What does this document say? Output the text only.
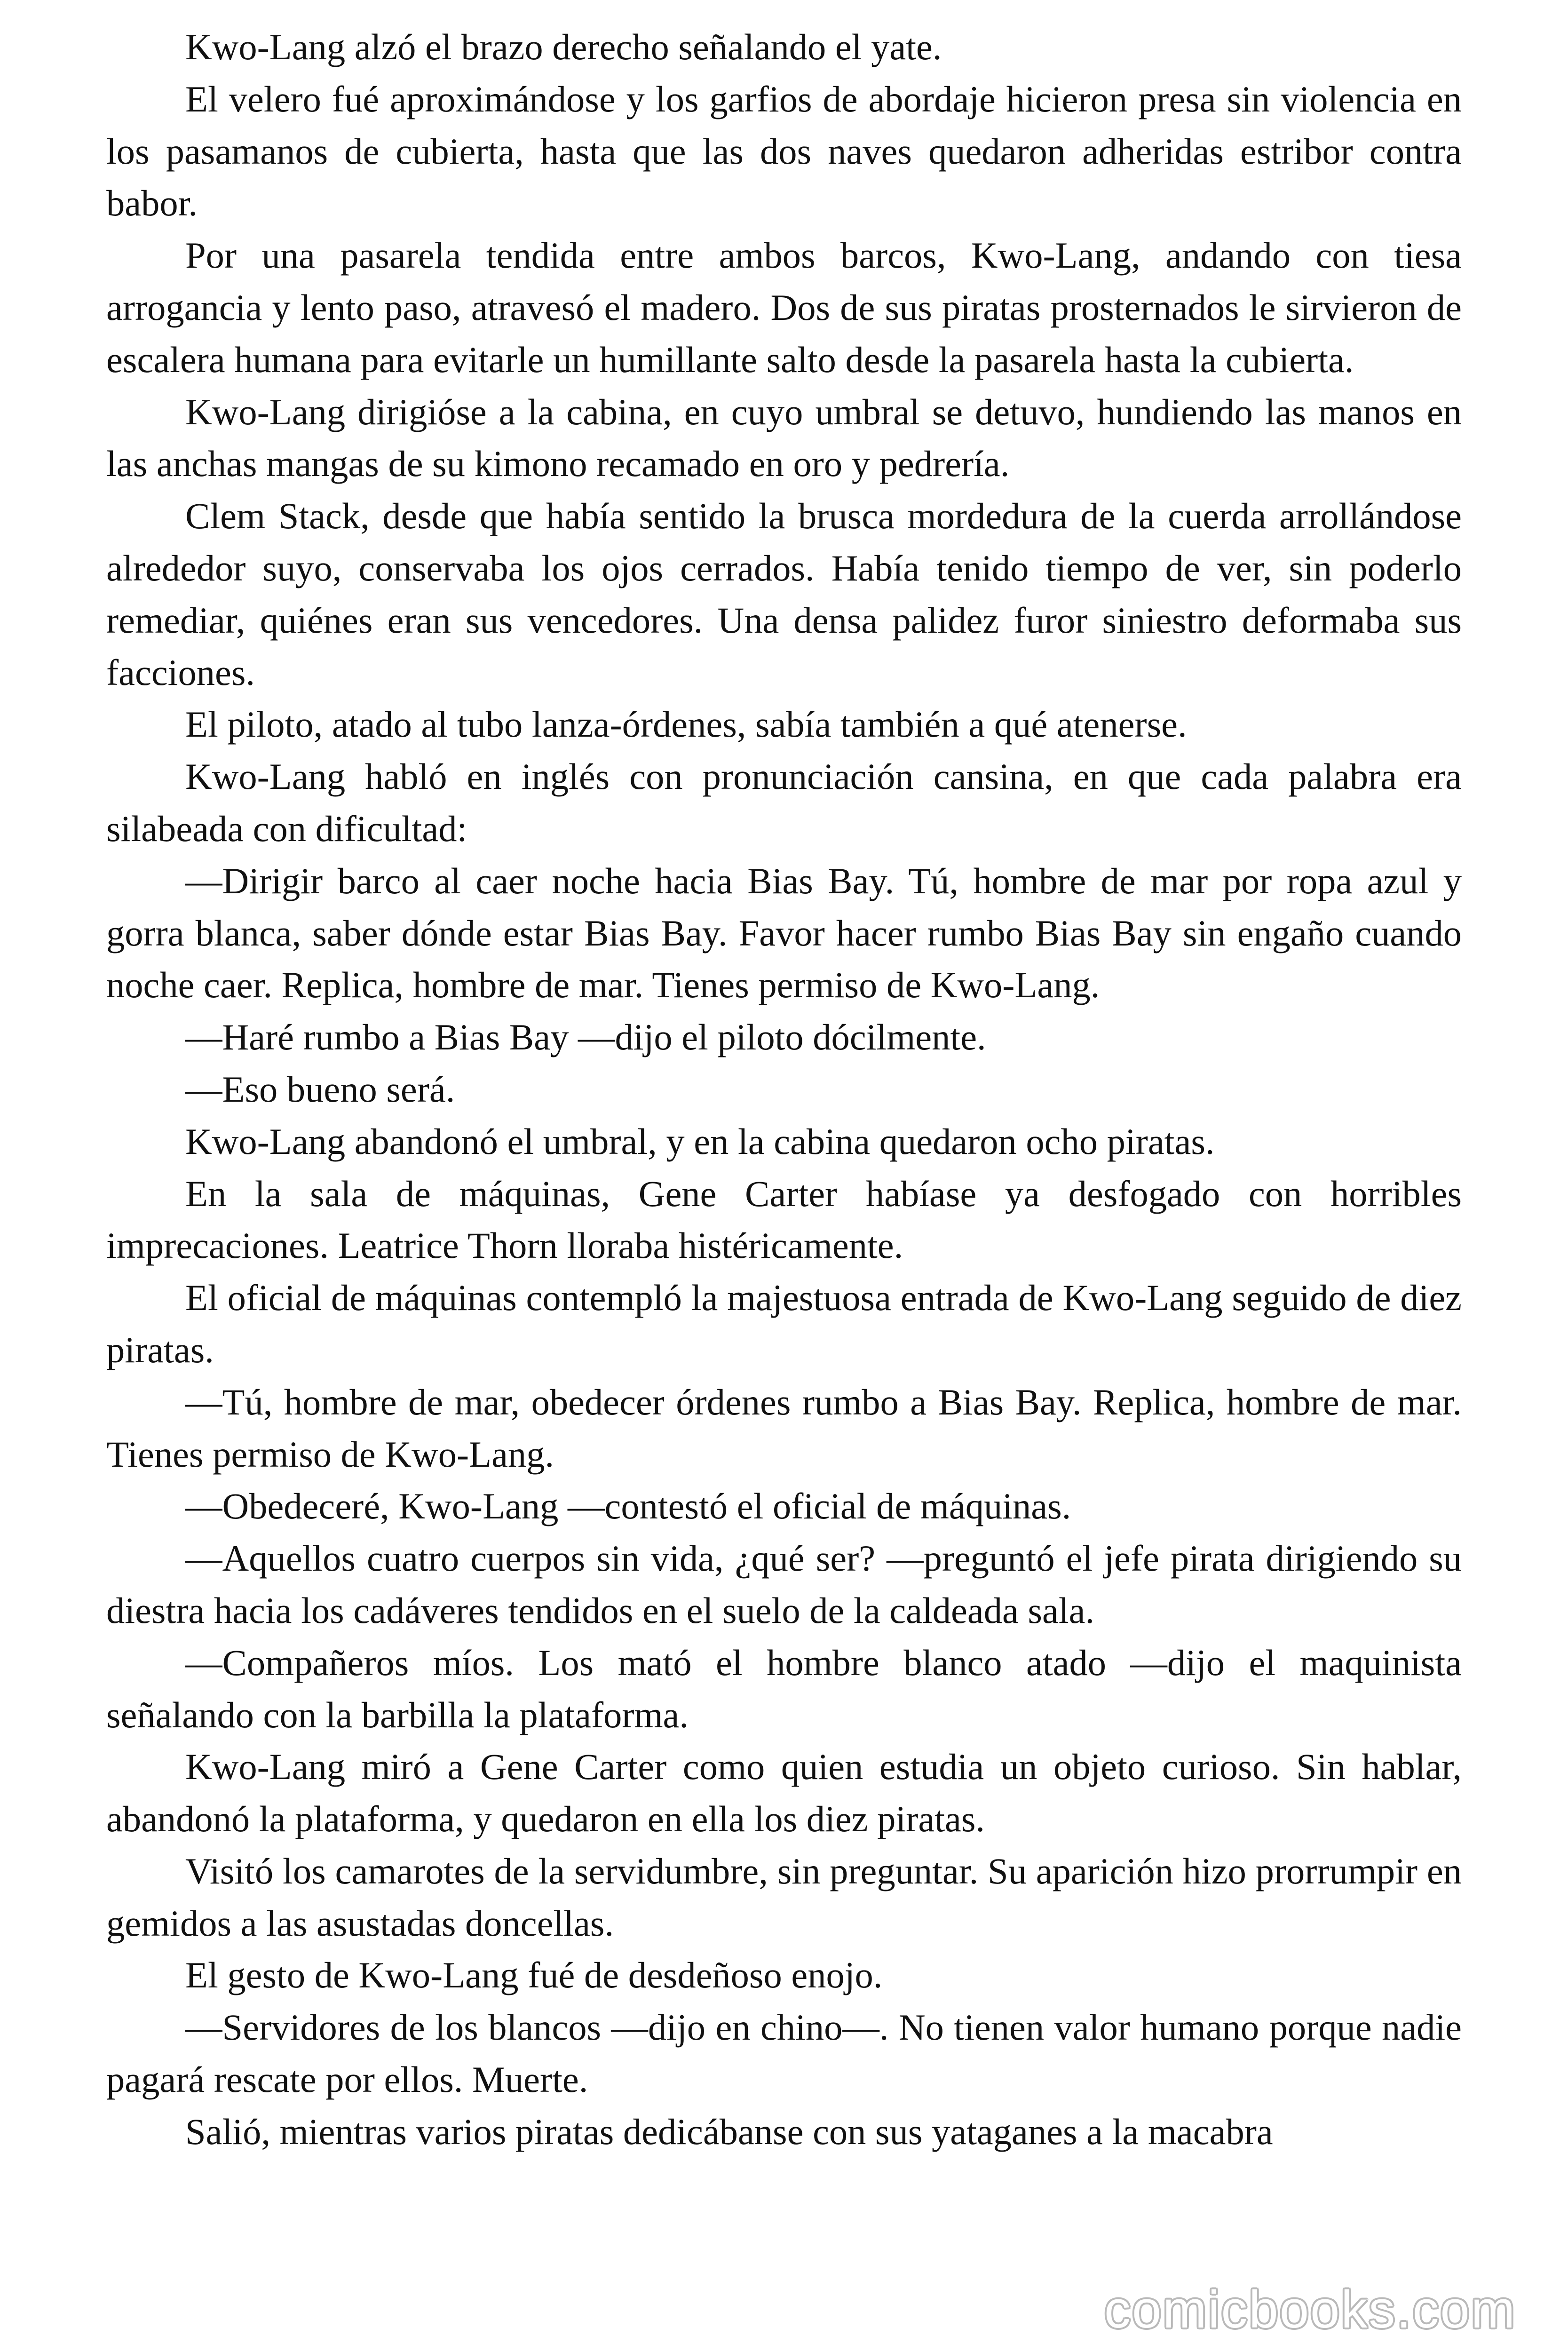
Kwo-Lang alzó el brazo derecho señalando el yate.

El velero fué aproximándose y los garfios de abordaje hicieron presa sin violencia en los pasamanos de cubierta, hasta que las dos naves quedaron adheridas estribor contra babor.

Por una pasarela tendida entre ambos barcos, Kwo-Lang, andando con tiesa arrogancia y lento paso, atravesó el madero. Dos de sus piratas prosternados le sirvieron de escalera humana para evitarle un humillante salto desde la pasarela hasta la cubierta.

Kwo-Lang dirigióse a la cabina, en cuyo umbral se detuvo, hundiendo las manos en las anchas mangas de su kimono recamado en oro y pedrería.

Clem Stack, desde que había sentido la brusca mordedura de la cuerda arrollándose alrededor suyo, conservaba los ojos cerrados. Había tenido tiempo de ver, sin poderlo remediar, quiénes eran sus vencedores. Una densa palidez furor siniestro deformaba sus facciones.

El piloto, atado al tubo lanza-órdenes, sabía también a qué atenerse.

Kwo-Lang habló en inglés con pronunciación cansina, en que cada palabra era silabeada con dificultad:

—Dirigir barco al caer noche hacia Bias Bay. Tú, hombre de mar por ropa azul y gorra blanca, saber dónde estar Bias Bay. Favor hacer rumbo Bias Bay sin engaño cuando noche caer. Replica, hombre de mar. Tienes permiso de Kwo-Lang.

—Haré rumbo a Bias Bay —dijo el piloto dócilmente.

—Eso bueno será.

Kwo-Lang abandonó el umbral, y en la cabina quedaron ocho piratas.

En la sala de máquinas, Gene Carter habíase ya desfogado con horribles imprecaciones. Leatrice Thorn lloraba histéricamente.

El oficial de máquinas contempló la majestuosa entrada de Kwo-Lang seguido de diez piratas.

—Tú, hombre de mar, obedecer órdenes rumbo a Bias Bay. Replica, hombre de mar. Tienes permiso de Kwo-Lang.

—Obedeceré, Kwo-Lang —contestó el oficial de máquinas.

—Aquellos cuatro cuerpos sin vida, ¿qué ser? —preguntó el jefe pirata dirigiendo su diestra hacia los cadáveres tendidos en el suelo de la caldeada sala.

—Compañeros míos. Los mató el hombre blanco atado —dijo el maquinista señalando con la barbilla la plataforma.

Kwo-Lang miró a Gene Carter como quien estudia un objeto curioso. Sin hablar, abandonó la plataforma, y quedaron en ella los diez piratas.

Visitó los camarotes de la servidumbre, sin preguntar. Su aparición hizo prorrumpir en gemidos a las asustadas doncellas.

El gesto de Kwo-Lang fué de desdeñoso enojo.

—Servidores de los blancos —dijo en chino—. No tienen valor humano porque nadie pagará rescate por ellos. Muerte.

Salió, mientras varios piratas dedicábanse con sus yataganes a la macabra

comicbooks.com
